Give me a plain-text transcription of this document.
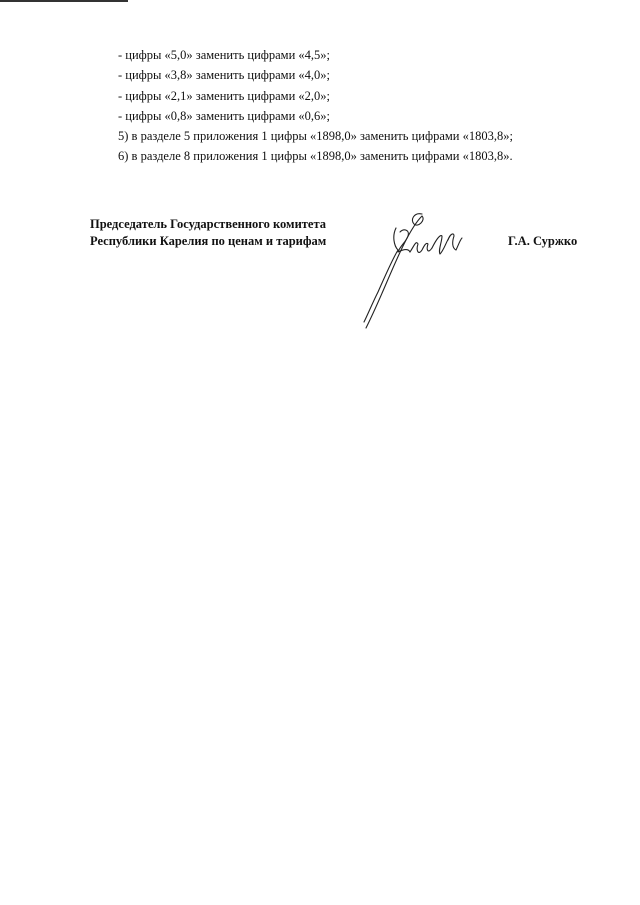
- цифры «5,0» заменить цифрами «4,5»;
- цифры «3,8» заменить цифрами «4,0»;
- цифры «2,1» заменить цифрами «2,0»;
- цифры «0,8» заменить цифрами «0,6»;
5) в разделе 5 приложения 1 цифры «1898,0» заменить цифрами «1803,8»;
6) в разделе 8 приложения 1 цифры «1898,0» заменить цифрами «1803,8».
Председатель Государственного комитета
Республики Карелия по ценам и тарифам	Г.А. Суржко
